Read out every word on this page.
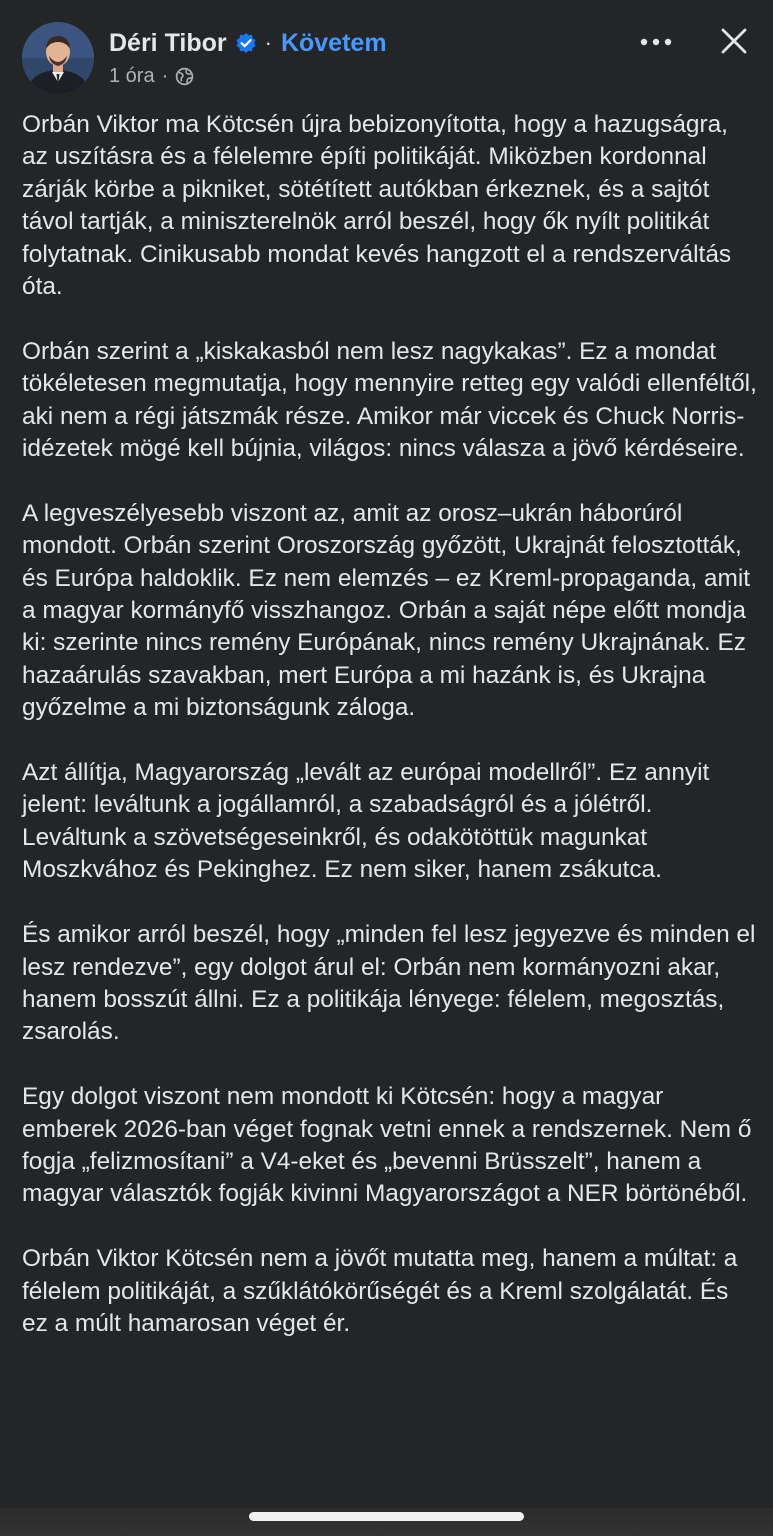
Déri Tibor · Követem
1 óra ·

Orbán Viktor ma Kötcsén újra bebizonyította, hogy a hazugságra, az uszításra és a félelemre építi politikáját. Miközben kordonnal zárják körbe a pikniket, sötétített autókban érkeznek, és a sajtót távol tartják, a miniszterelnök arról beszél, hogy ők nyílt politikát folytatnak. Cinikusabb mondat kevés hangzott el a rendszerváltás óta.

Orbán szerint a „kiskakasból nem lesz nagykakas”. Ez a mondat tökéletesen megmutatja, hogy mennyire retteg egy valódi ellenféltől, aki nem a régi játszmák része. Amikor már viccek és Chuck Norris-idézetek mögé kell bújnia, világos: nincs válasza a jövő kérdéseire.

A legveszélyesebb viszont az, amit az orosz–ukrán háborúról mondott. Orbán szerint Oroszország győzött, Ukrajnát felosztották, és Európa haldoklik. Ez nem elemzés – ez Kreml-propaganda, amit a magyar kormányfő visszhangoz. Orbán a saját népe előtt mondja ki: szerinte nincs remény Európának, nincs remény Ukrajnának. Ez hazaárulás szavakban, mert Európa a mi hazánk is, és Ukrajna győzelme a mi biztonságunk záloga.

Azt állítja, Magyarország „levált az európai modellről”. Ez annyit jelent: leváltunk a jogállamról, a szabadságról és a jólétről. Leváltunk a szövetségeseinkről, és odakötöttük magunkat Moszkvához és Pekinghez. Ez nem siker, hanem zsákutca.

És amikor arról beszél, hogy „minden fel lesz jegyezve és minden el lesz rendezve”, egy dolgot árul el: Orbán nem kormányozni akar, hanem bosszút állni. Ez a politikája lényege: félelem, megosztás, zsarolás.

Egy dolgot viszont nem mondott ki Kötcsén: hogy a magyar emberek 2026-ban véget fognak vetni ennek a rendszernek. Nem ő fogja „felizmosítani” a V4-eket és „bevenni Brüsszelt”, hanem a magyar választók fogják kivinni Magyarországot a NER börtönéből.

Orbán Viktor Kötcsén nem a jövőt mutatta meg, hanem a múltat: a félelem politikáját, a szűklátókörűségét és a Kreml szolgálatát. És ez a múlt hamarosan véget ér.
